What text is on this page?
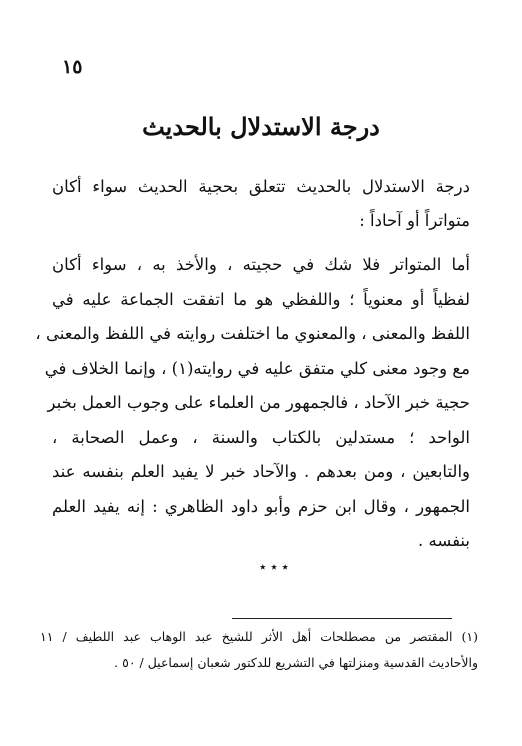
١٥
درجة الاستدلال بالحديث
درجة الاستدلال بالحديث تتعلق بحجية الحديث سواء أكان
متواتراً أو آحاداً :
أما المتواتر فلا شك في حجيته ، والأخذ به ، سواء أكان
لفظياً أو معنوياً ؛ واللفظي هو ما اتفقت الجماعة عليه في
اللفظ والمعنى ، والمعنوي ما اختلفت روايته في اللفظ والمعنى ،
مع وجود معنى كلي متفق عليه في روايته(١) ، وإنما الخلاف في
حجية خبر الآحاد ، فالجمهور من العلماء على وجوب العمل بخبر
الواحد ؛ مستدلين بالكتاب والسنة ، وعمل الصحابة ،
والتابعين ، ومن بعدهم . والآحاد خبر لا يفيد العلم بنفسه عند
الجمهور ، وقال ابن حزم وأبو داود الظاهري : إنه يفيد العلم
بنفسه .
٭ ٭ ٭
(١) المقتصر من مصطلحات أهل الأثر للشيخ عبد الوهاب عبد اللطيف / ١١
والأحاديث القدسية ومنزلتها في التشريع للدكتور شعبان إسماعيل / ٥٠ .
